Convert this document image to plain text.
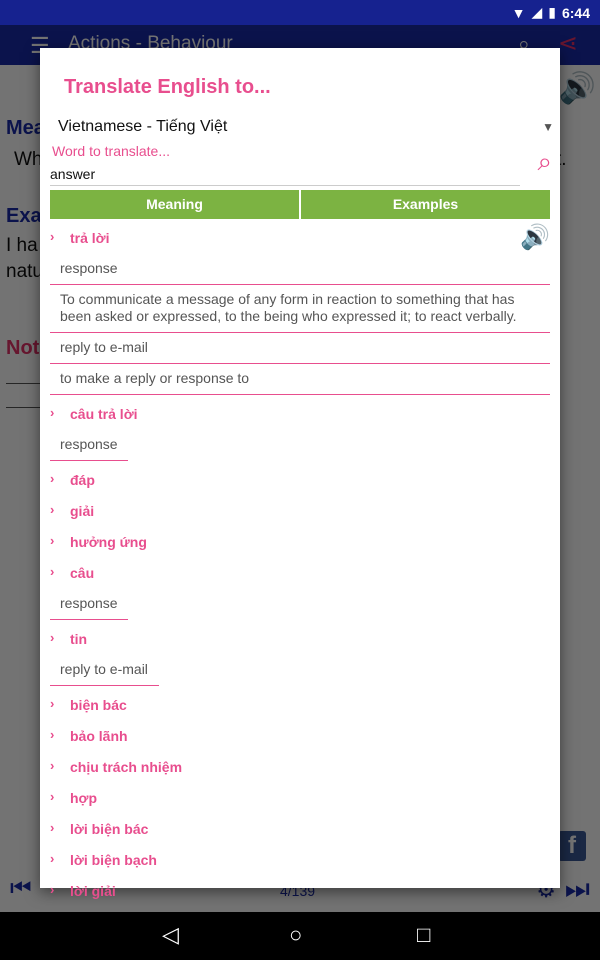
▼ ◢ ▮ 6:44
Translate English to...
Vietnamese - Tiếng Việt	▼
Word to translate...
answer	⌕
Meaning	Examples
› trả lời	🔊
response
To communicate a message of any form in reaction to something that has been asked or expressed, to the being who expressed it; to react verbally.
reply to e-mail
to make a reply or response to
› câu trả lời
response
› đáp
› giải
› hưởng ứng
› câu
response
› tin
reply to e-mail
› biện bác
› bảo lãnh
› chịu trách nhiệm
› hợp
› lời biện bác
› lời biện bạch
› lời giải
◁	○	□
